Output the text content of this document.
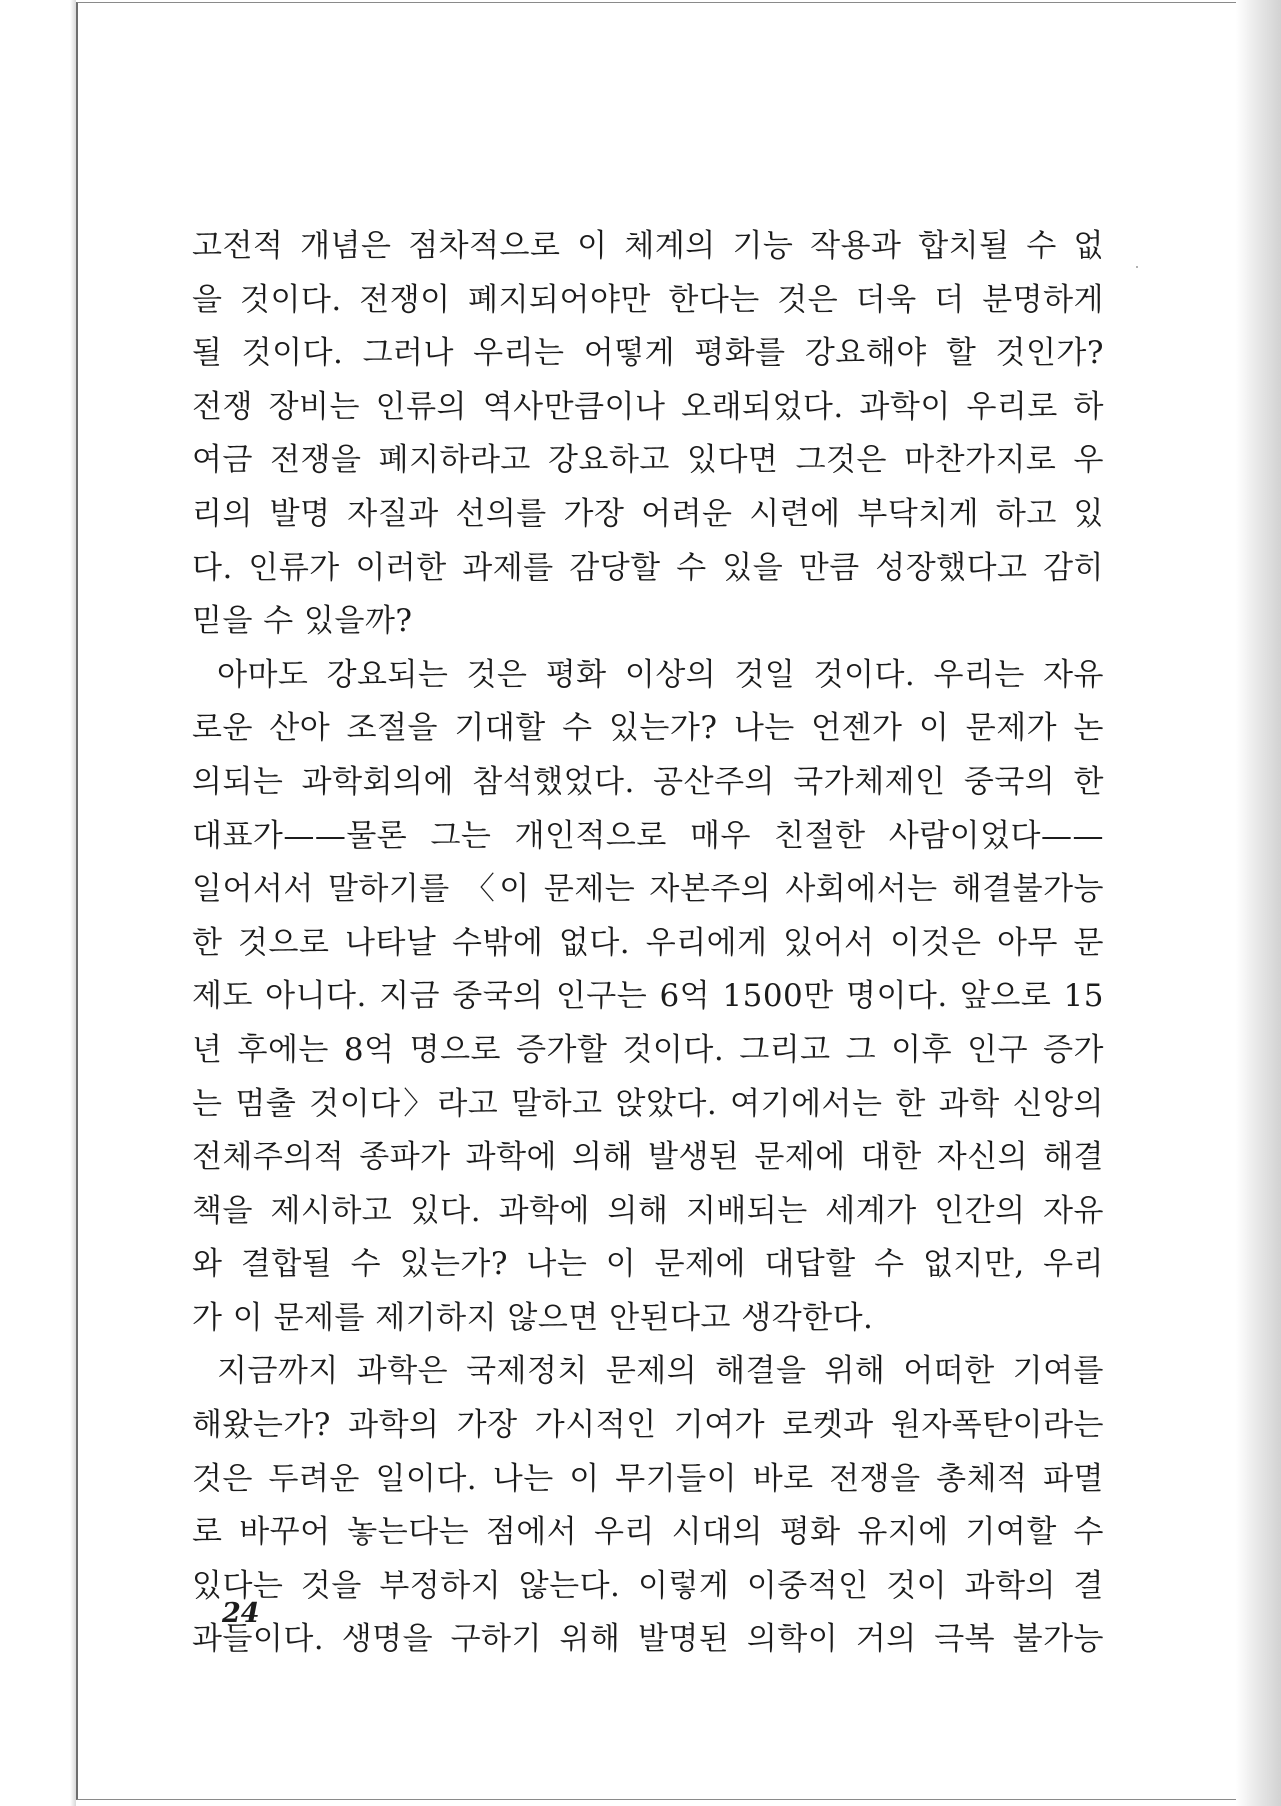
고전적 개념은 점차적으로 이 체계의 기능 작용과 합치될 수 없
을 것이다. 전쟁이 폐지되어야만 한다는 것은 더욱 더 분명하게
될 것이다. 그러나 우리는 어떻게 평화를 강요해야 할 것인가?
전쟁 장비는 인류의 역사만큼이나 오래되었다. 과학이 우리로 하
여금 전쟁을 폐지하라고 강요하고 있다면 그것은 마찬가지로 우
리의 발명 자질과 선의를 가장 어려운 시련에 부닥치게 하고 있
다. 인류가 이러한 과제를 감당할 수 있을 만큼 성장했다고 감히
믿을 수 있을까?
아마도 강요되는 것은 평화 이상의 것일 것이다. 우리는 자유
로운 산아 조절을 기대할 수 있는가? 나는 언젠가 이 문제가 논
의되는 과학회의에 참석했었다. 공산주의 국가체제인 중국의 한
대표가——물론 그는 개인적으로 매우 친절한 사람이었다——
일어서서 말하기를 〈이 문제는 자본주의 사회에서는 해결불가능
한 것으로 나타날 수밖에 없다. 우리에게 있어서 이것은 아무 문
제도 아니다. 지금 중국의 인구는 6억 1500만 명이다. 앞으로 15
년 후에는 8억 명으로 증가할 것이다. 그리고 그 이후 인구 증가
는 멈출 것이다〉라고 말하고 앉았다. 여기에서는 한 과학 신앙의
전체주의적 종파가 과학에 의해 발생된 문제에 대한 자신의 해결
책을 제시하고 있다. 과학에 의해 지배되는 세계가 인간의 자유
와 결합될 수 있는가? 나는 이 문제에 대답할 수 없지만, 우리
가 이 문제를 제기하지 않으면 안된다고 생각한다.
지금까지 과학은 국제정치 문제의 해결을 위해 어떠한 기여를
해왔는가? 과학의 가장 가시적인 기여가 로켓과 원자폭탄이라는
것은 두려운 일이다. 나는 이 무기들이 바로 전쟁을 총체적 파멸
로 바꾸어 놓는다는 점에서 우리 시대의 평화 유지에 기여할 수
있다는 것을 부정하지 않는다. 이렇게 이중적인 것이 과학의 결
과들이다. 생명을 구하기 위해 발명된 의학이 거의 극복 불가능
24
